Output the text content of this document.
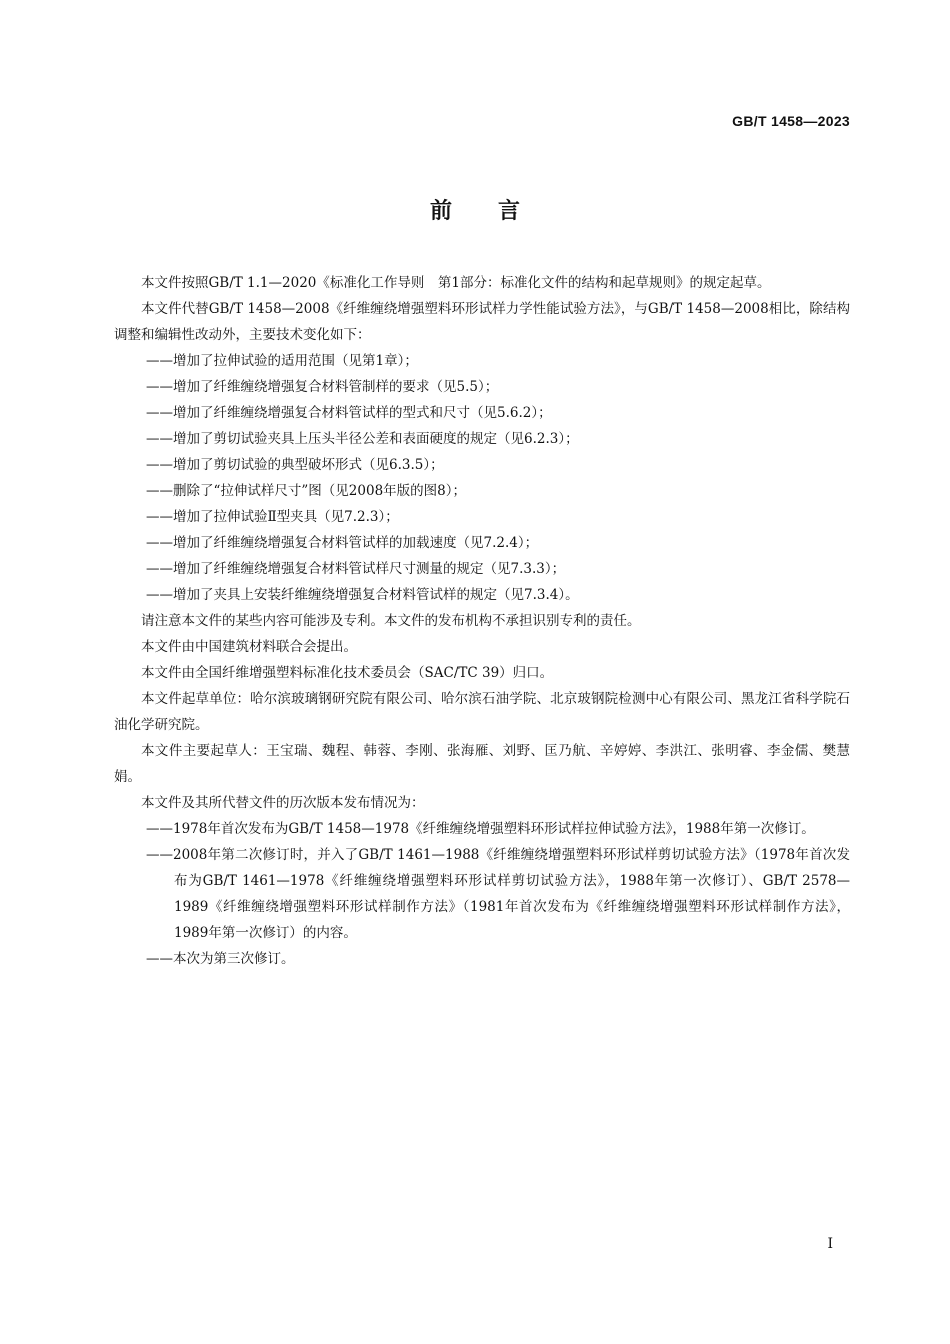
GB/T 1458—2023
前言

本文件按照GB/T 1.1—2020《标准化工作导则　第1部分：标准化文件的结构和起草规则》的规定起草。

本文件代替GB/T 1458—2008《纤维缠绕增强塑料环形试样力学性能试验方法》，与GB/T 1458—2008相比，除结构调整和编辑性改动外，主要技术变化如下：

——增加了拉伸试验的适用范围（见第1章）；

——增加了纤维缠绕增强复合材料管制样的要求（见5.5）；

——增加了纤维缠绕增强复合材料管试样的型式和尺寸（见5.6.2）；

——增加了剪切试验夹具上压头半径公差和表面硬度的规定（见6.2.3）；

——增加了剪切试验的典型破坏形式（见6.3.5）；

——删除了“拉伸试样尺寸”图（见2008年版的图8）；

——增加了拉伸试验Ⅱ型夹具（见7.2.3）；

——增加了纤维缠绕增强复合材料管试样的加载速度（见7.2.4）；

——增加了纤维缠绕增强复合材料管试样尺寸测量的规定（见7.3.3）；

——增加了夹具上安装纤维缠绕增强复合材料管试样的规定（见7.3.4）。

请注意本文件的某些内容可能涉及专利。本文件的发布机构不承担识别专利的责任。

本文件由中国建筑材料联合会提出。

本文件由全国纤维增强塑料标准化技术委员会（SAC/TC 39）归口。

本文件起草单位：哈尔滨玻璃钢研究院有限公司、哈尔滨石油学院、北京玻钢院检测中心有限公司、黑龙江省科学院石油化学研究院。

本文件主要起草人：王宝瑞、魏程、韩蓉、李刚、张海雁、刘野、匡乃航、辛婷婷、李洪江、张明睿、李金儒、樊慧娟。

本文件及其所代替文件的历次版本发布情况为：

——1978年首次发布为GB/T 1458—1978《纤维缠绕增强塑料环形试样拉伸试验方法》，1988年第一次修订。

——2008年第二次修订时，并入了GB/T 1461—1988《纤维缠绕增强塑料环形试样剪切试验方法》（1978年首次发布为GB/T 1461—1978《纤维缠绕增强塑料环形试样剪切试验方法》，1988年第一次修订）、GB/T 2578—1989《纤维缠绕增强塑料环形试样制作方法》（1981年首次发布为《纤维缠绕增强塑料环形试样制作方法》，1989年第一次修订）的内容。

——本次为第三次修订。

Ⅰ
